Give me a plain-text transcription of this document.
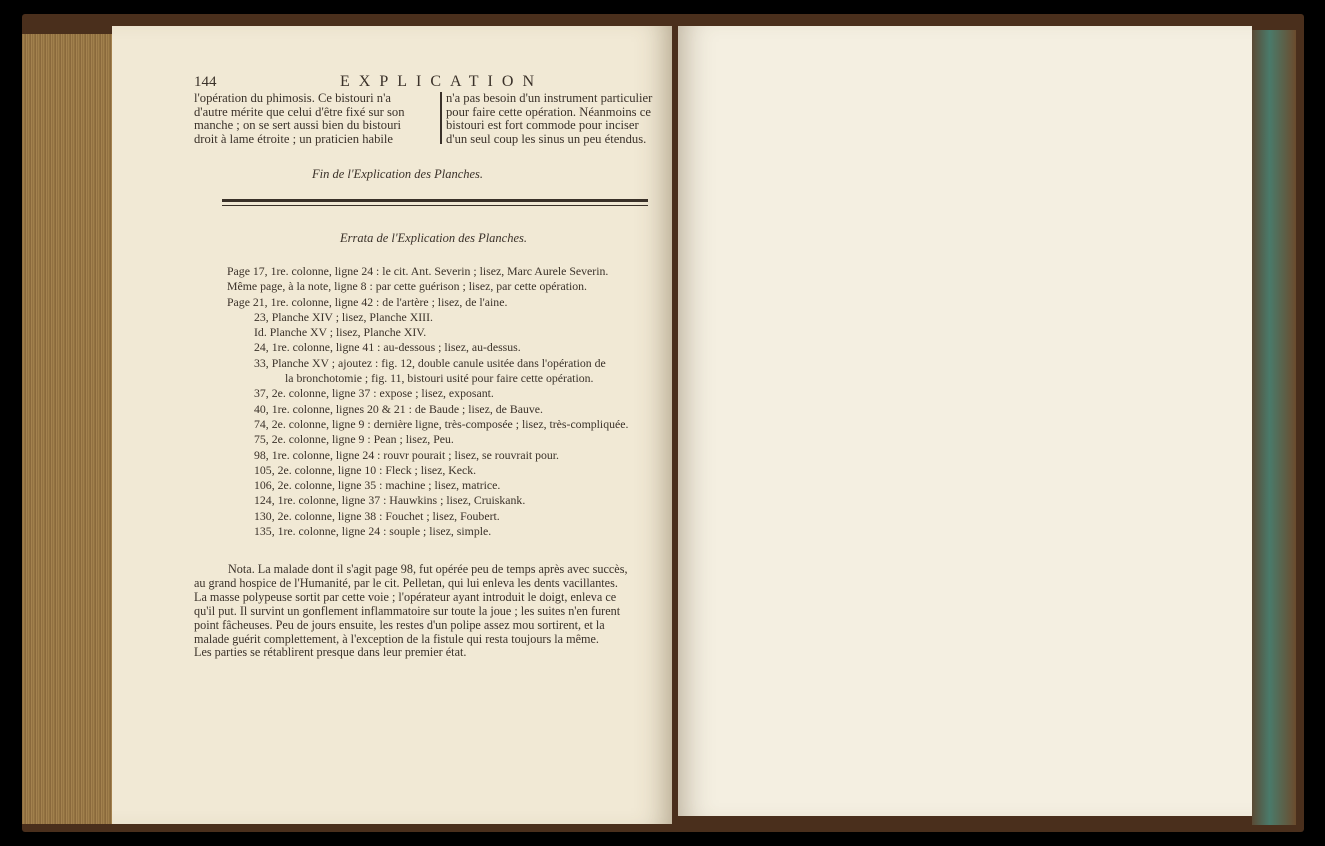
144	EXPLICATION
l'opération du phimosis. Ce bistouri n'a
d'autre mérite que celui d'être fixé sur son
manche ; on se sert aussi bien du bistouri
droit à lame étroite ; un praticien habile
n'a pas besoin d'un instrument particulier
pour faire cette opération. Néanmoins ce
bistouri est fort commode pour inciser
d'un seul coup les sinus un peu étendus.
Fin de l'Explication des Planches.
Errata de l'Explication des Planches.
Page 17, 1re. colonne, ligne 24 : le cit. Ant. Severin ; lisez, Marc Aurele Severin.
Même page, à la note, ligne 8 : par cette guérison ; lisez, par cette opération.
Page 21, 1re. colonne, ligne 42 : de l'artère ; lisez, de l'aine.
23, Planche XIV ; lisez, Planche XIII.
Id. Planche XV ; lisez, Planche XIV.
24, 1re. colonne, ligne 41 : au-dessous ; lisez, au-dessus.
33, Planche XV ; ajoutez : fig. 12, double canule usitée dans l'opération de
la bronchotomie ; fig. 11, bistouri usité pour faire cette opération.
37, 2e. colonne, ligne 37 : expose ; lisez, exposant.
40, 1re. colonne, lignes 20 & 21 : de Baude ; lisez, de Bauve.
74, 2e. colonne, ligne 9 : dernière ligne, très-composée ; lisez, très-compliquée.
75, 2e. colonne, ligne 9 : Pean ; lisez, Peu.
98, 1re. colonne, ligne 24 : rouvr pourait ; lisez, se rouvrait pour.
105, 2e. colonne, ligne 10 : Fleck ; lisez, Keck.
106, 2e. colonne, ligne 35 : machine ; lisez, matrice.
124, 1re. colonne, ligne 37 : Hauwkins ; lisez, Cruiskank.
130, 2e. colonne, ligne 38 : Fouchet ; lisez, Foubert.
135, 1re. colonne, ligne 24 : souple ; lisez, simple.
Nota. La malade dont il s'agit page 98, fut opérée peu de temps après avec succès,
au grand hospice de l'Humanité, par le cit. Pelletan, qui lui enleva les dents vacillantes.
La masse polypeuse sortit par cette voie ; l'opérateur ayant introduit le doigt, enleva ce
qu'il put. Il survint un gonflement inflammatoire sur toute la joue ; les suites n'en furent
point fâcheuses. Peu de jours ensuite, les restes d'un polipe assez mou sortirent, et la
malade guérit complettement, à l'exception de la fistule qui resta toujours la même.
Les parties se rétablirent presque dans leur premier état.
